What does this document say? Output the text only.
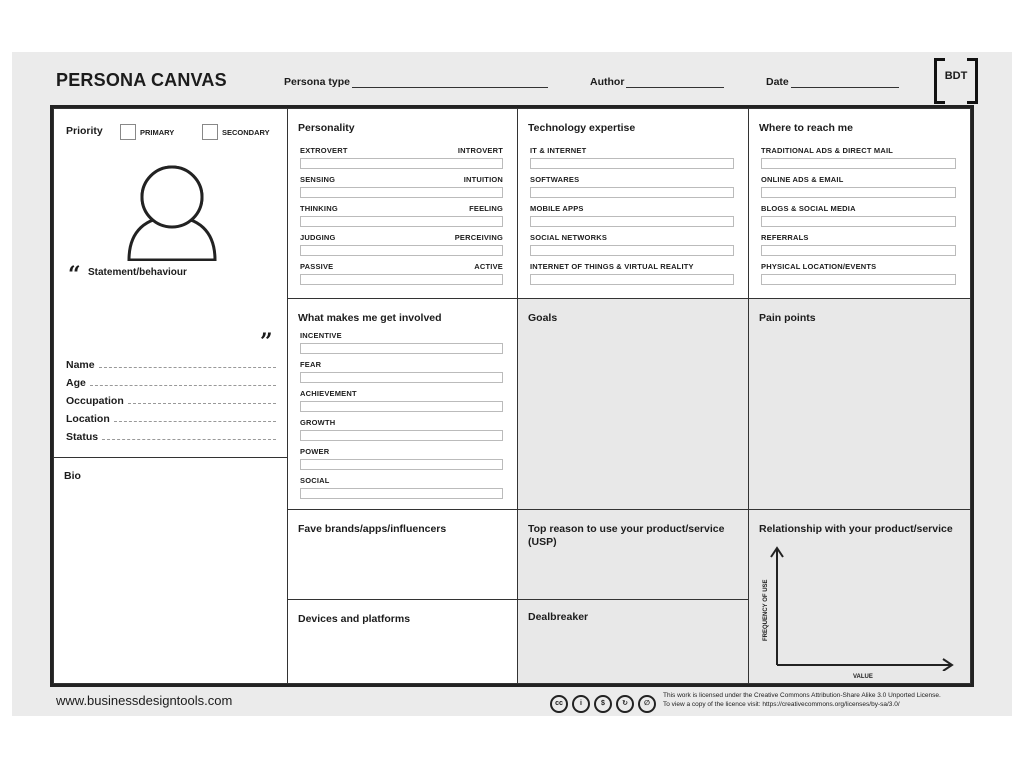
PERSONA CANVAS	Persona type	Author	Date	BDT
Priority	PRIMARY	SECONDARY
“ Statement/behaviour
”
Name
Age
Occupation
Location
Status
Bio
Personality
EXTROVERT	INTROVERT
SENSING	INTUITION
THINKING	FEELING
JUDGING	PERCEIVING
PASSIVE	ACTIVE
Technology expertise
IT & INTERNET
SOFTWARES
MOBILE APPS
SOCIAL NETWORKS
INTERNET OF THINGS & VIRTUAL REALITY
Where to reach me
TRADITIONAL ADS & DIRECT MAIL
ONLINE ADS & EMAIL
BLOGS & SOCIAL MEDIA
REFERRALS
PHYSICAL LOCATION/EVENTS
What makes me get involved
INCENTIVE
FEAR
ACHIEVEMENT
GROWTH
POWER
SOCIAL
Goals	Pain points
Fave brands/apps/influencers	Top reason to use your product/service (USP)
Relationship with your product/service
FREQUENCY OF USE
VALUE
Devices and platforms	Dealbreaker
www.businessdesigntools.com	cc i	$ ↻ ∅
This work is licensed under the Creative Commons Attribution-Share Alike 3.0 Unported License.
To view a copy of the licence visit: https://creativecommons.org/licenses/by-sa/3.0/
